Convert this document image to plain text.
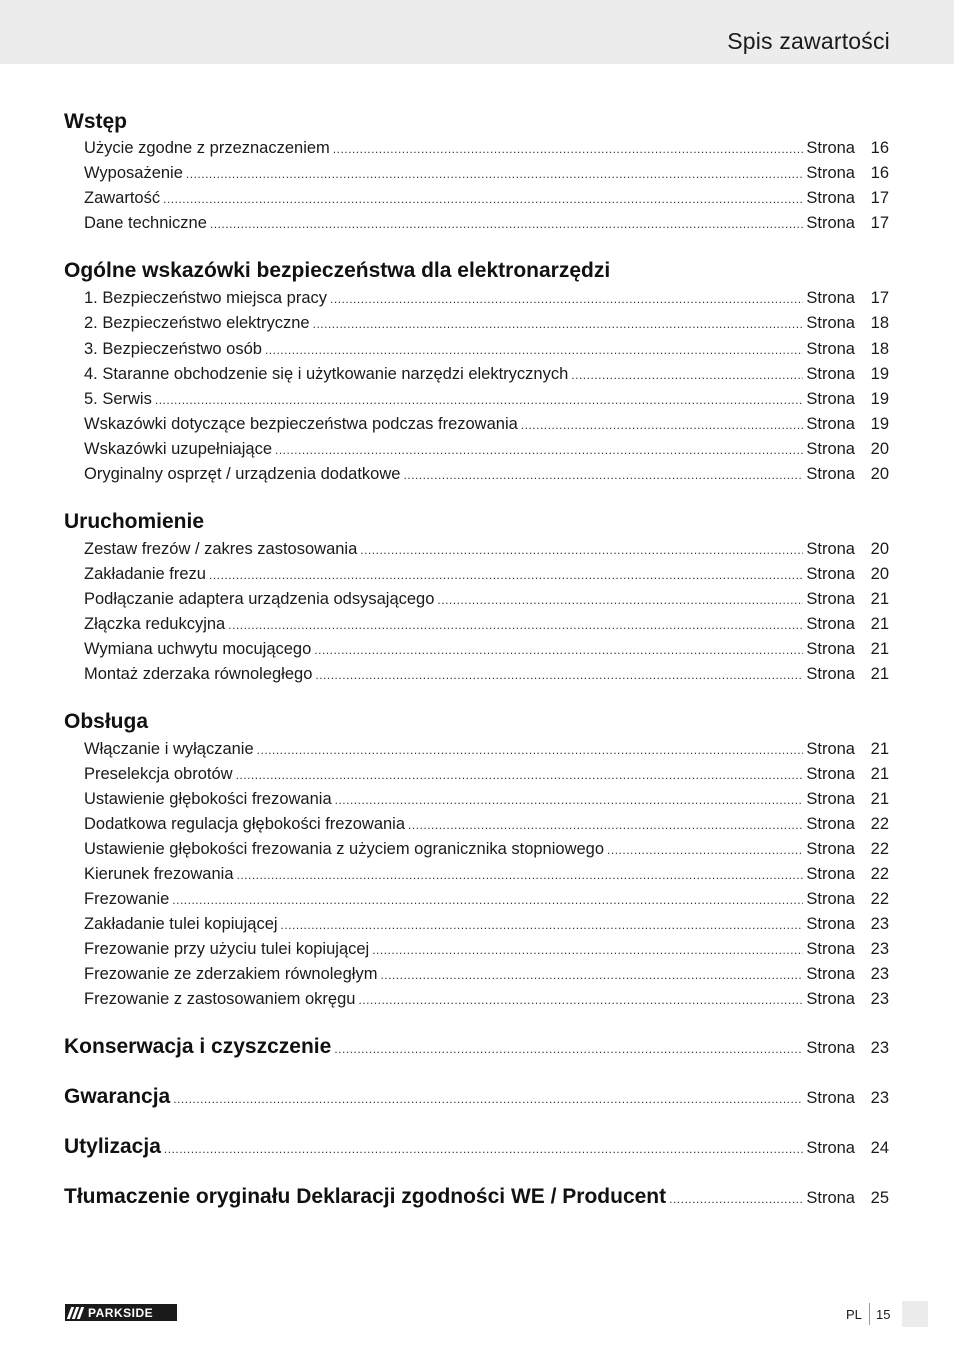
Spis zawartości
Wstęp
Użycie zgodne z przeznaczeniem .....	Strona 16
Wyposażenie .....	Strona 16
Zawartość .....	Strona 17
Dane techniczne .....	Strona 17
Ogólne wskazówki bezpieczeństwa dla elektronarzędzi
1. Bezpieczeństwo miejsca pracy .....	Strona 17
2. Bezpieczeństwo elektryczne .....	Strona 18
3. Bezpieczeństwo osób .....	Strona 18
4. Staranne obchodzenie się i użytkowanie narzędzi elektrycznych .....	Strona 19
5. Serwis .....	Strona 19
Wskazówki dotyczące bezpieczeństwa podczas frezowania .....	Strona 19
Wskazówki uzupełniające .....	Strona 20
Oryginalny osprzęt / urządzenia dodatkowe .....	Strona 20
Uruchomienie
Zestaw frezów / zakres zastosowania .....	Strona 20
Zakładanie frezu .....	Strona 20
Podłączanie adaptera urządzenia odsysającego .....	Strona 21
Złączka redukcyjna .....	Strona 21
Wymiana uchwytu mocującego .....	Strona 21
Montaż zderzaka równoległego .....	Strona 21
Obsługa
Włączanie i wyłączanie .....	Strona 21
Preselekcja obrotów .....	Strona 21
Ustawienie głębokości frezowania .....	Strona 21
Dodatkowa regulacja głębokości frezowania .....	Strona 22
Ustawienie głębokości frezowania z użyciem ogranicznika stopniowego .....	Strona 22
Kierunek frezowania .....	Strona 22
Frezowanie .....	Strona 22
Zakładanie tulei kopiującej .....	Strona 23
Frezowanie przy użyciu tulei kopiującej .....	Strona 23
Frezowanie ze zderzakiem równoległym .....	Strona 23
Frezowanie z zastosowaniem okręgu .....	Strona 23
Konserwacja i czyszczenie .....	Strona 23
Gwarancja .....	Strona 23
Utylizacja .....	Strona 24
Tłumaczenie oryginału Deklaracji zgodności WE / Producent .....	Strona 25
PARKSIDE	PL 15
